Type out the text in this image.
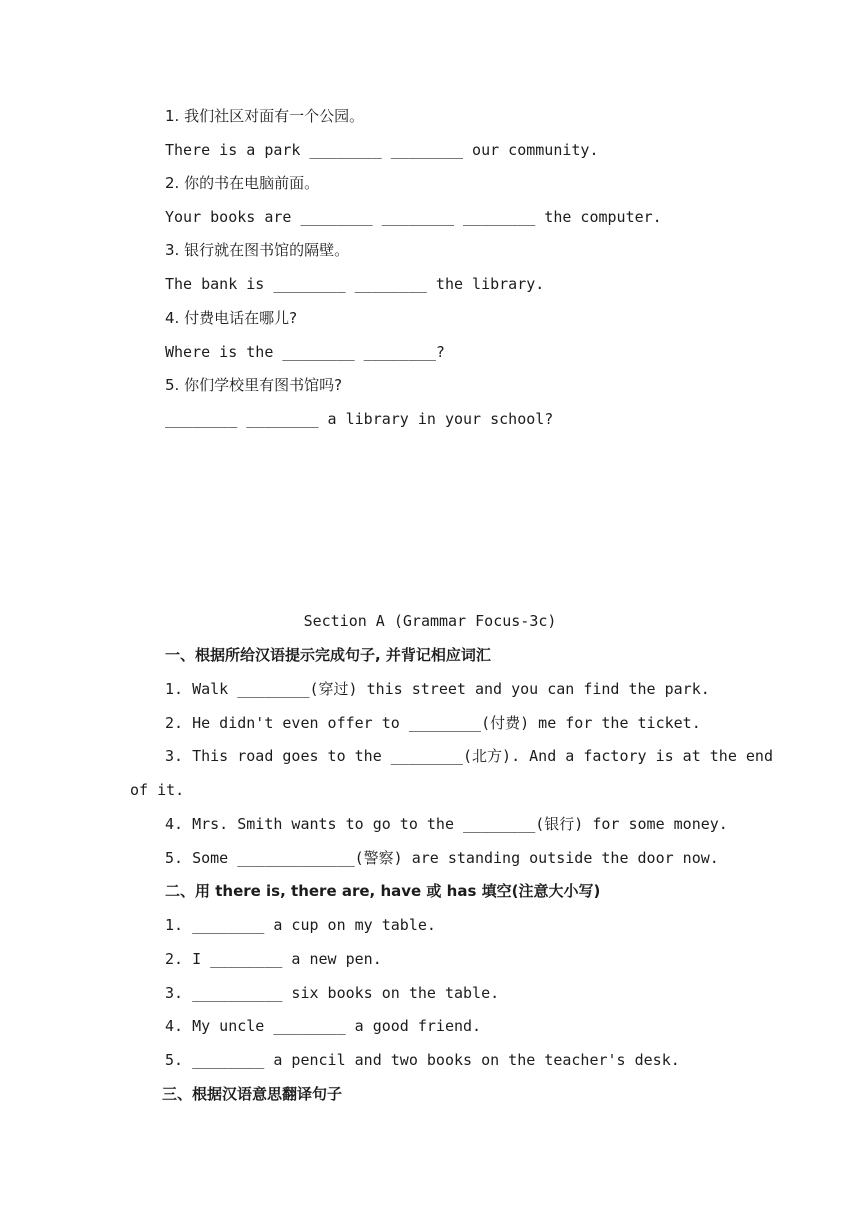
1. 我们社区对面有一个公园。
There is a park ________ ________ our community.
2. 你的书在电脑前面。
Your books are ________ ________ ________ the computer.
3. 银行就在图书馆的隔壁。
The bank is ________ ________ the library.
4. 付费电话在哪儿?
Where is the ________ ________?
5. 你们学校里有图书馆吗?
________ ________ a library in your school?
Section A (Grammar Focus-3c)
一、根据所给汉语提示完成句子, 并背记相应词汇
1. Walk ________(穿过) this street and you can find the park.
2. He didn't even offer to ________(付费) me for the ticket.
3. This road goes to the ________(北方). And a factory is at the end
of it.
4. Mrs. Smith wants to go to the ________(银行) for some money.
5. Some _____________(警察) are standing outside the door now.
二、用 there is, there are, have 或 has 填空(注意大小写)
1. ________ a cup on my table.
2. I ________ a new pen.
3. __________ six books on the table.
4. My uncle ________ a good friend.
5. ________ a pencil and two books on the teacher's desk.
三、根据汉语意思翻译句子
